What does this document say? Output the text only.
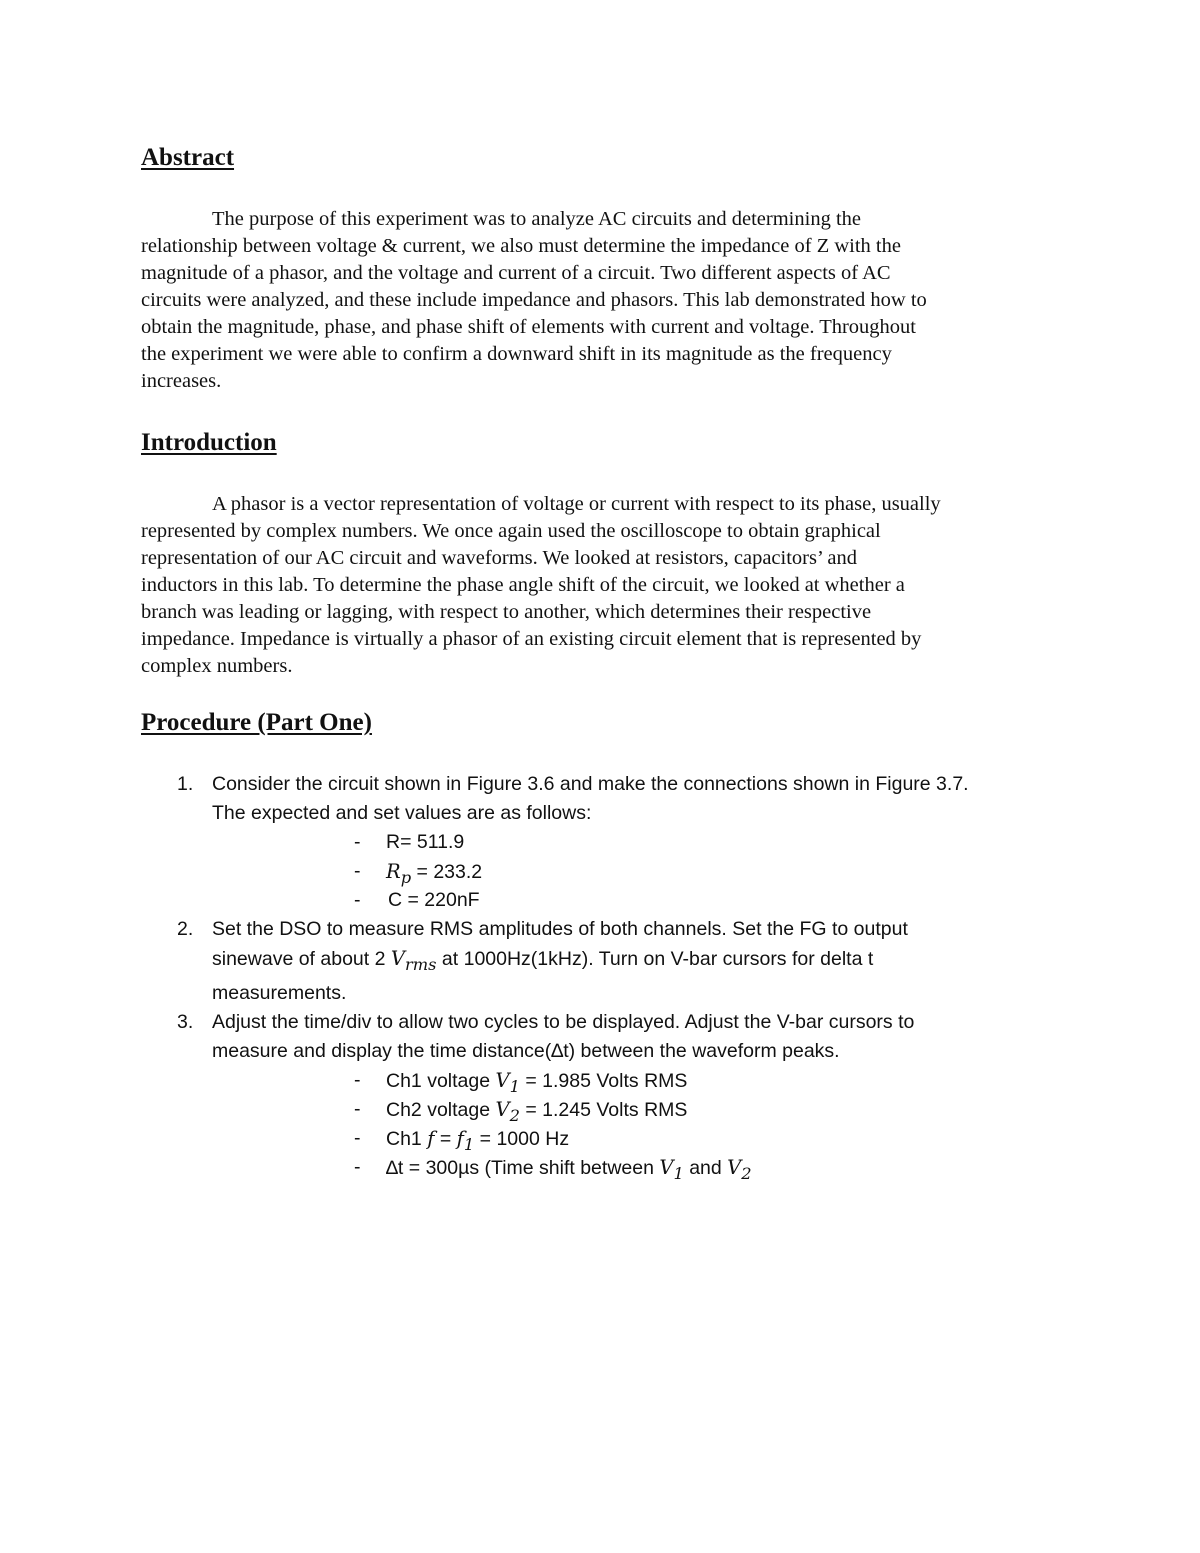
Abstract

The purpose of this experiment was to analyze AC circuits and determining the
relationship between voltage & current, we also must determine the impedance of Z with the
magnitude of a phasor, and the voltage and current of a circuit. Two different aspects of AC
circuits were analyzed, and these include impedance and phasors. This lab demonstrated how to
obtain the magnitude, phase, and phase shift of elements with current and voltage. Throughout
the experiment we were able to confirm a downward shift in its magnitude as the frequency
increases.

Introduction

A phasor is a vector representation of voltage or current with respect to its phase, usually
represented by complex numbers. We once again used the oscilloscope to obtain graphical
representation of our AC circuit and waveforms. We looked at resistors, capacitors’ and
inductors in this lab. To determine the phase angle shift of the circuit, we looked at whether a
branch was leading or lagging, with respect to another, which determines their respective
impedance. Impedance is virtually a phasor of an existing circuit element that is represented by
complex numbers.

Procedure (Part One)
1. Consider the circuit shown in Figure 3.6 and make the connections shown in Figure 3.7.
The expected and set values are as follows:
- R= 511.9
- $R_p = 233.2$
- C = 220nF
2. Set the DSO to measure RMS amplitudes of both channels. Set the FG to output
sinewave of about 2 $V_{rms}$ at 1000Hz(1kHz). Turn on V-bar cursors for delta t
measurements.
3. Adjust the time/div to allow two cycles to be displayed. Adjust the V-bar cursors to
measure and display the time distance(∆t) between the waveform peaks.
- Ch1 voltage $V_1 = 1.985$ Volts RMS
- Ch2 voltage $V_2 = 1.245$ Volts RMS
- Ch1 $f = f_1 = 1000$ Hz
- ∆t = 300µs (Time shift between $V_1$ and $V_2$
